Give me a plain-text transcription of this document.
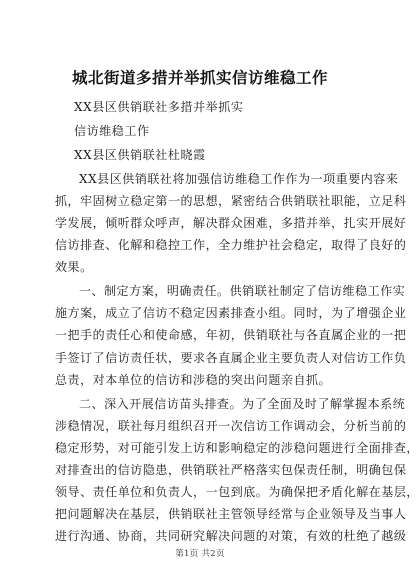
城北街道多措并举抓实信访维稳工作
XX县区供销联社多措并举抓实
信访维稳工作
XX县区供销联社杜晓霞
XX县区供销联社将加强信访维稳工作作为一项重要内容来
抓，牢固树立稳定第一的思想，紧密结合供销联社职能，立足科
学发展，倾听群众呼声，解决群众困难，多措并举，扎实开展好
信访排查、化解和稳控工作，全力维护社会稳定，取得了良好的
效果。
一、制定方案，明确责任。供销联社制定了信访维稳工作实
施方案，成立了信访不稳定因素排查小组。同时，为了增强企业
一把手的责任心和使命感，年初，供销联社与各直属企业的一把
手签订了信访责任状，要求各直属企业主要负责人对信访工作负
总责，对本单位的信访和涉稳的突出问题亲自抓。
二、深入开展信访苗头排查。为了全面及时了解掌握本系统
涉稳情况，联社每月组织召开一次信访工作调动会，分析当前的
稳定形势，对可能引发上访和影响稳定的涉稳问题进行全面排查，
对排查出的信访隐患，供销联社严格落实包保责任制，明确包保
领导、责任单位和负责人，一包到底。为确保把矛盾化解在基层，
把问题解决在基层，供销联社主管领导经常与企业领导及当事人
进行沟通、协商，共同研究解决问题的对策，有效的杜绝了越级
第1页 共2页
